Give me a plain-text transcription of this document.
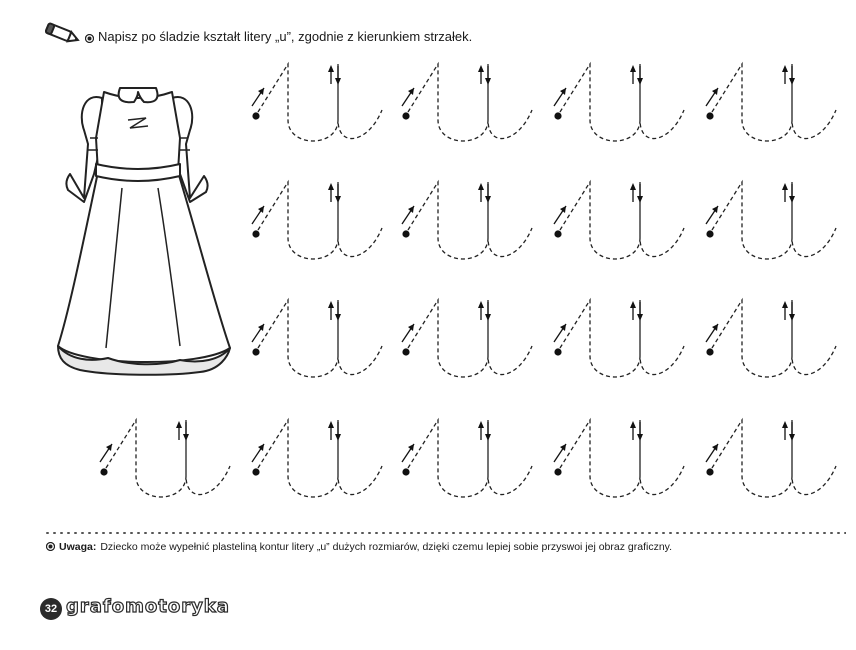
Napisz po śladzie kształt litery „u”, zgodnie z kierunkiem strzałek.
Uwaga: Dziecko może wypełnić plasteliną kontur litery „u” dużych rozmiarów, dzięki czemu lepiej sobie przyswoi jej obraz graficzny.
32 grafomotoryka
